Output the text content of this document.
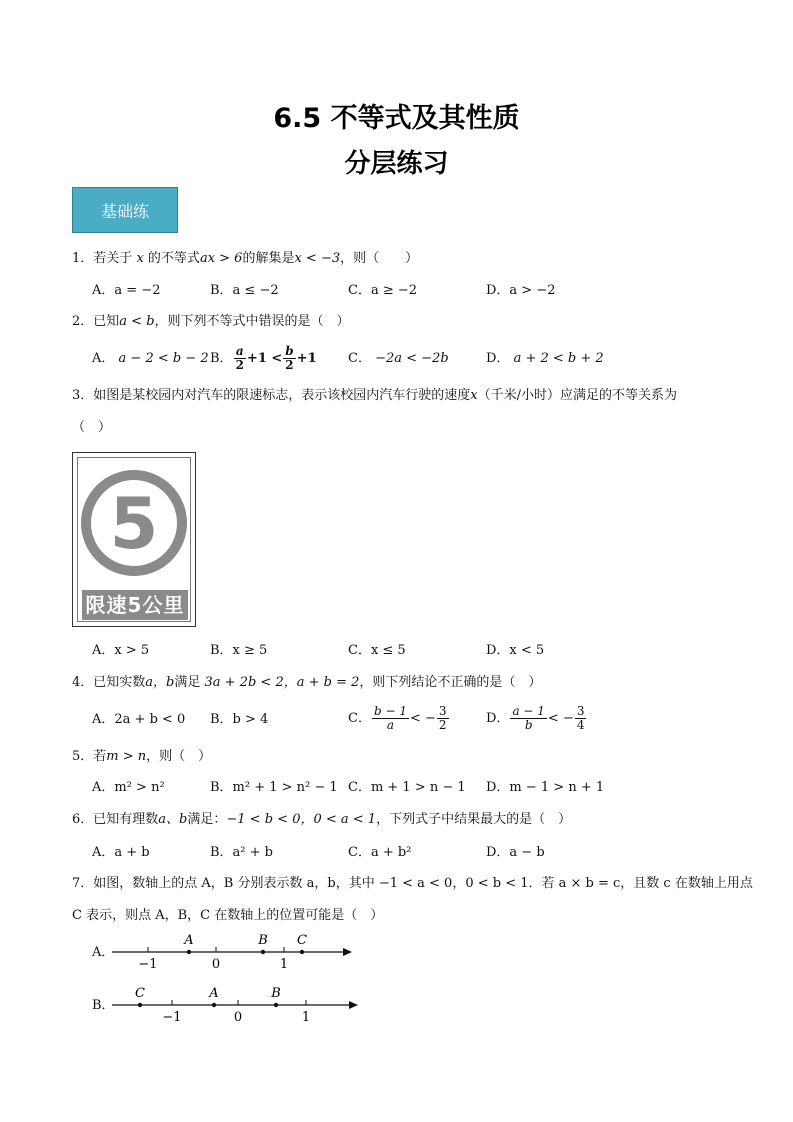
6.5 不等式及其性质
分层练习
基础练
1．若关于 x 的不等式ax > 6的解集是x < −3，则（　　）
A．a = −2	B．a ≤ −2	C．a ≥ −2	D．a > −2
2．已知a < b，则下列不等式中错误的是（　）
A． a − 2 < b − 2 B． $\frac{a}{2} +1 < \frac{b}{2} +1$ C． −2a < −2b	D． a + 2 < b + 2
3．如图是某校园内对汽车的限速标志，表示该校园内汽车行驶的速度x（千米/小时）应满足的不等关系为
（　）
5
限速5公里
A．x > 5	B．x ≥ 5	C．x ≤ 5	D．x < 5
4．已知实数a，b满足 3a + 2b < 2，a + b = 2，则下列结论不正确的是（　）
A．2a + b < 0 B．b > 4	C． $\frac{b - 1}{a}$ < − $\frac{3}{2}$	D． $\frac{a - 1}{b}$ < − $\frac{3}{4}$
5．若m > n，则（　）
A．m² > n²	B．m² + 1 > n² − 1 C．m + 1 > n − 1 D．m − 1 > n + 1
6．已知有理数a、b满足：−1 < b < 0，0 < a < 1，下列式子中结果最大的是（　）
A．a + b	B．a² + b	C．a + b²	D．a − b
7．如图，数轴上的点 A，B 分别表示数 a，b，其中 −1 < a < 0，0 < b < 1．若 a × b = c，且数 c 在数轴上用点
C 表示，则点 A，B，C 在数轴上的位置可能是（　）
A．
−1	0	1
A	B C
B．
−1	0	1
C	A	B
